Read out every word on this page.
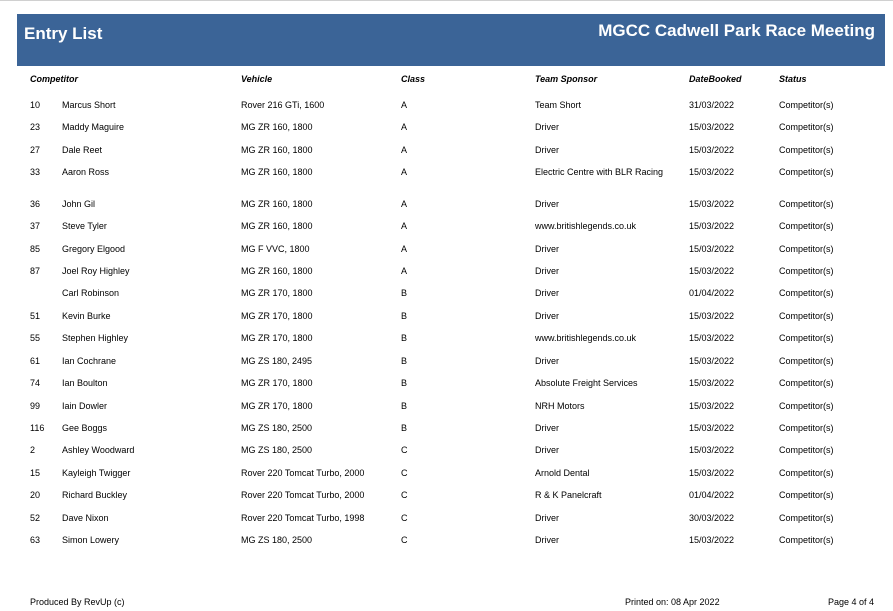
Entry List	MGCC Cadwell Park Race Meeting
Competitor	Vehicle	Class	Team Sponsor	DateBooked	Status
10 Marcus Short	Rover 216 GTi, 1600	A	Team Short	31/03/2022	Competitor(s)
23 Maddy Maguire	MG ZR 160, 1800	A	Driver	15/03/2022	Competitor(s)
27 Dale Reet	MG ZR 160, 1800	A	Driver	15/03/2022	Competitor(s)
33 Aaron Ross	MG ZR 160, 1800	A	Electric Centre with BLR Racing	15/03/2022	Competitor(s)
36 John Gil	MG ZR 160, 1800	A	Driver	15/03/2022	Competitor(s)
37 Steve Tyler	MG ZR 160, 1800	A	www.britishlegends.co.uk	15/03/2022	Competitor(s)
85 Gregory Elgood	MG F VVC, 1800	A	Driver	15/03/2022	Competitor(s)
87 Joel Roy Highley	MG ZR 160, 1800	A	Driver	15/03/2022	Competitor(s)
Carl Robinson	MG ZR 170, 1800	B	Driver	01/04/2022	Competitor(s)
51 Kevin Burke	MG ZR 170, 1800	B	Driver	15/03/2022	Competitor(s)
55 Stephen Highley	MG ZR 170, 1800	B	www.britishlegends.co.uk	15/03/2022	Competitor(s)
61 Ian Cochrane	MG ZS 180, 2495	B	Driver	15/03/2022	Competitor(s)
74 Ian Boulton	MG ZR 170, 1800	B	Absolute Freight Services	15/03/2022	Competitor(s)
99 Iain Dowler	MG ZR 170, 1800	B	NRH Motors	15/03/2022	Competitor(s)
116 Gee Boggs	MG ZS 180, 2500	B	Driver	15/03/2022	Competitor(s)
2	Ashley Woodward	MG ZS 180, 2500	C	Driver	15/03/2022	Competitor(s)
15 Kayleigh Twigger	Rover 220 Tomcat Turbo, 2000	C	Arnold Dental	15/03/2022	Competitor(s)
20 Richard Buckley	Rover 220 Tomcat Turbo, 2000	C	R & K Panelcraft	01/04/2022	Competitor(s)
52 Dave Nixon	Rover 220 Tomcat Turbo, 1998	C	Driver	30/03/2022	Competitor(s)
63 Simon Lowery	MG ZS 180, 2500	C	Driver	15/03/2022	Competitor(s)
Produced By RevUp (c)	Printed on: 08 Apr 2022	Page 4 of 4
